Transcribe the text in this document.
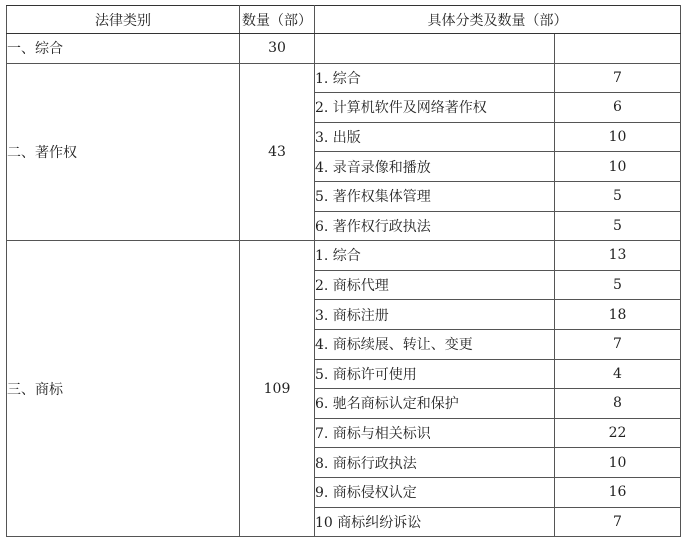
法律类别	数量（部）	具体分类及数量（部）	
一、综合	30		
二、著作权	43	1. 综合	7
		2. 计算机软件及网络著作权	6
		3. 出版	10
		4. 录音录像和播放	10
		5. 著作权集体管理	5
		6. 著作权行政执法	5
三、商标	109	1. 综合	13
		2. 商标代理	5
		3. 商标注册	18
		4. 商标续展、转让、变更	7
		5. 商标许可使用	4
		6. 驰名商标认定和保护	8
		7. 商标与相关标识	22
		8. 商标行政执法	10
		9. 商标侵权认定	16
		10 商标纠纷诉讼	7
